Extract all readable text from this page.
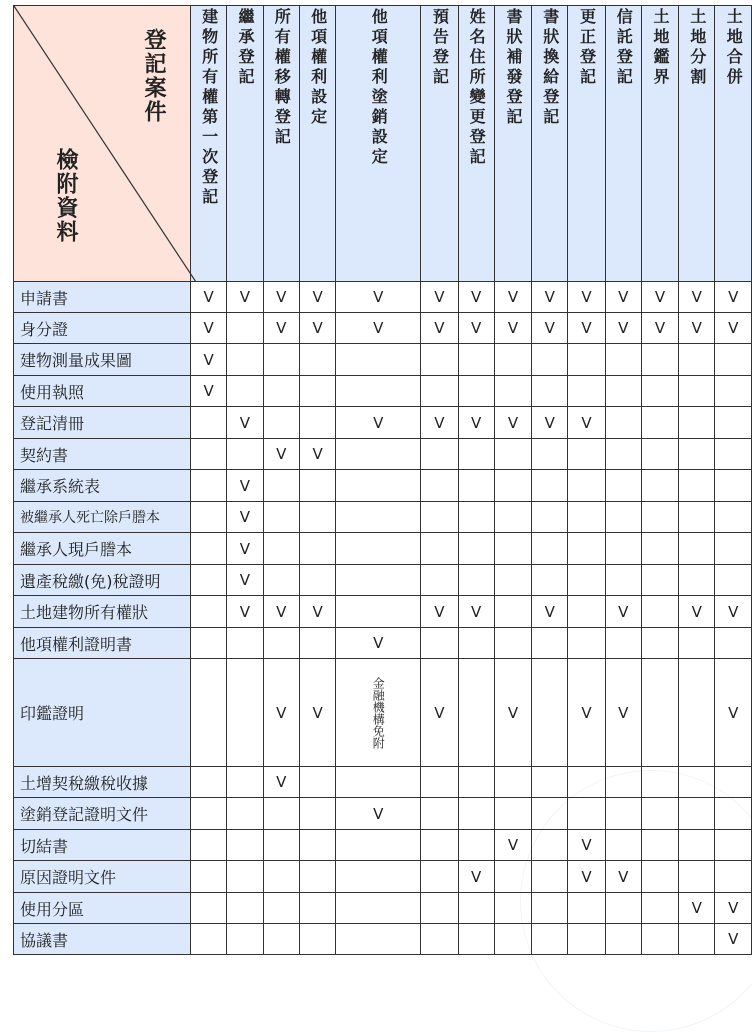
登記案件
檢附資料	建物所有權第一次登記	繼承登記	所有權移轉登記	他項權利設定	他項權利塗銷設定	預告登記	姓名住所變更登記	書狀補發登記	書狀換給登記	更正登記	信託登記	土地鑑界	土地分割	土地合併

申請書	V	V	V	V	V	V	V	V	V	V	V	V	V	V
身分證	V		V	V	V	V	V	V	V	V	V	V	V	V
建物測量成果圖	V													
使用執照	V													
登記清冊		V			V	V	V	V	V	V				
契約書			V	V										
繼承系統表		V												
被繼承人死亡除戶謄本		V												
繼承人現戶謄本		V												
遺產稅繳(免)稅證明		V												
土地建物所有權狀		V	V	V		V	V		V		V		V	V
他項權利證明書					V									
印鑑證明			V	V	金融機構免附	V		V		V	V			V
土增契稅繳稅收據			V											
塗銷登記證明文件					V									
切結書								V		V				
原因證明文件							V			V	V			
使用分區													V	V
協議書														V
